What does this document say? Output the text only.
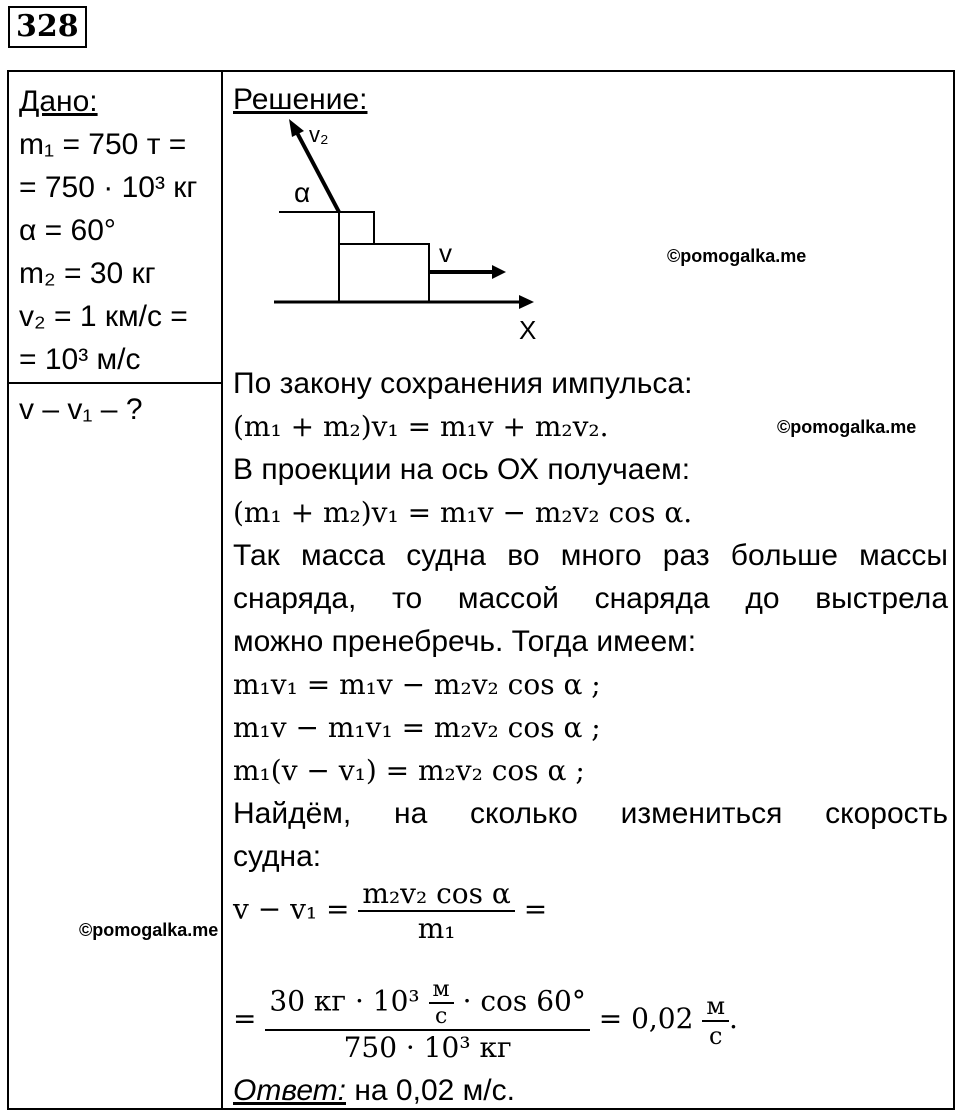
328
Дано:
m₁ = 750 т =
= 750 · 10³ кг
α = 60°
m₂ = 30 кг
v₂ = 1 км/с =
= 10³ м/с
v – v₁ – ?
Решение:
v₂
α
v
X
©pomogalka.me
©pomogalka.me
©pomogalka.me
По закону сохранения импульса:
(m₁ + m₂)v₁ = m₁v + m₂v₂.
В проекции на ось ОХ получаем:
(m₁ + m₂)v₁ = m₁v − m₂v₂ cos α.
Так масса судна во много раз больше массы
снаряда, то массой снаряда до выстрела
можно пренебречь. Тогда имеем:
m₁v₁ = m₁v − m₂v₂ cos α ;
m₁v − m₁v₁ = m₂v₂ cos α ;
m₁(v − v₁) = m₂v₂ cos α ;
Найдём, на сколько измениться скорость
судна:
$v - v_1 = \frac{\text{m₂v₂ cos α}}{\text{m₁}}$ =
=
30 кг · $10^3 \frac{м}{с} \cdot \cos 60^\circ$
750 · 10³ кг
= $0,02 \frac{м}{с}$ .
Ответ: на 0,02 м/с.
